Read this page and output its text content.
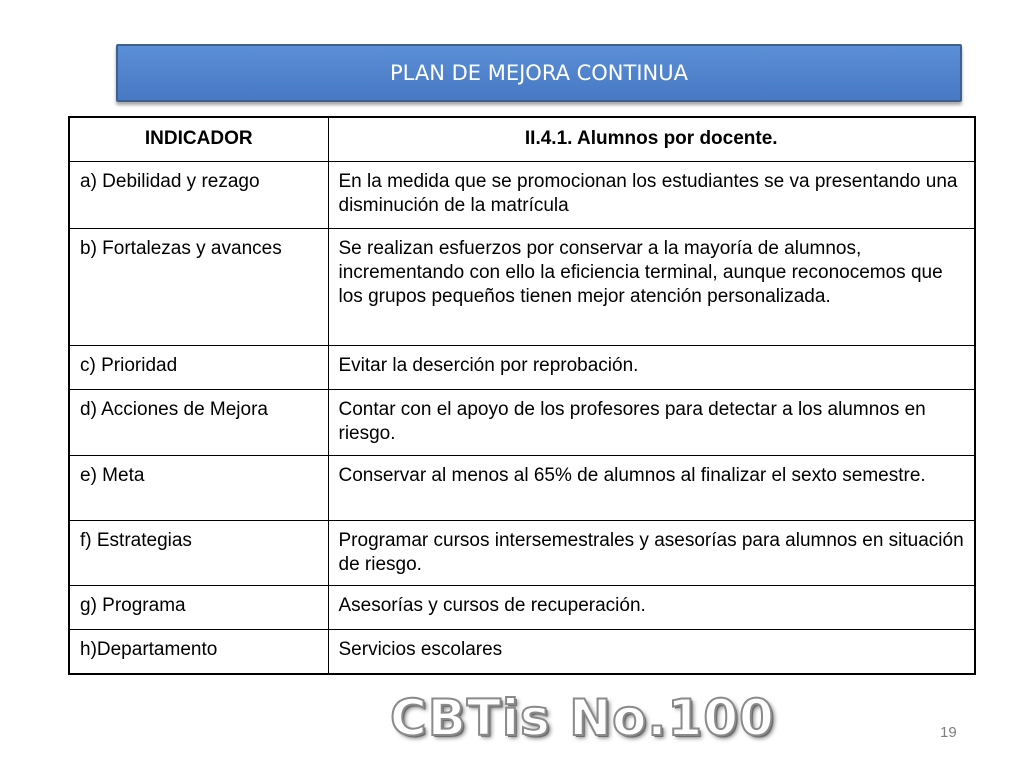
PLAN DE MEJORA CONTINUA
INDICADOR	II.4.1. Alumnos por docente.
a) Debilidad y rezago	En la medida que se promocionan los estudiantes se va presentando una disminución de la matrícula
b) Fortalezas y avances	Se realizan esfuerzos por conservar a la mayoría de alumnos, incrementando con ello la eficiencia terminal, aunque reconocemos que los grupos pequeños tienen mejor atención personalizada.
c) Prioridad	Evitar la deserción por reprobación.
d) Acciones de Mejora	Contar con el apoyo de los profesores para detectar a los alumnos en riesgo.
e) Meta	Conservar al menos al 65% de alumnos al finalizar el sexto semestre.
f) Estrategias	Programar cursos intersemestrales y asesorías para alumnos en situación de riesgo.
g) Programa	Asesorías y cursos de recuperación.
h)Departamento	Servicios escolares
CBTis No.100	19
